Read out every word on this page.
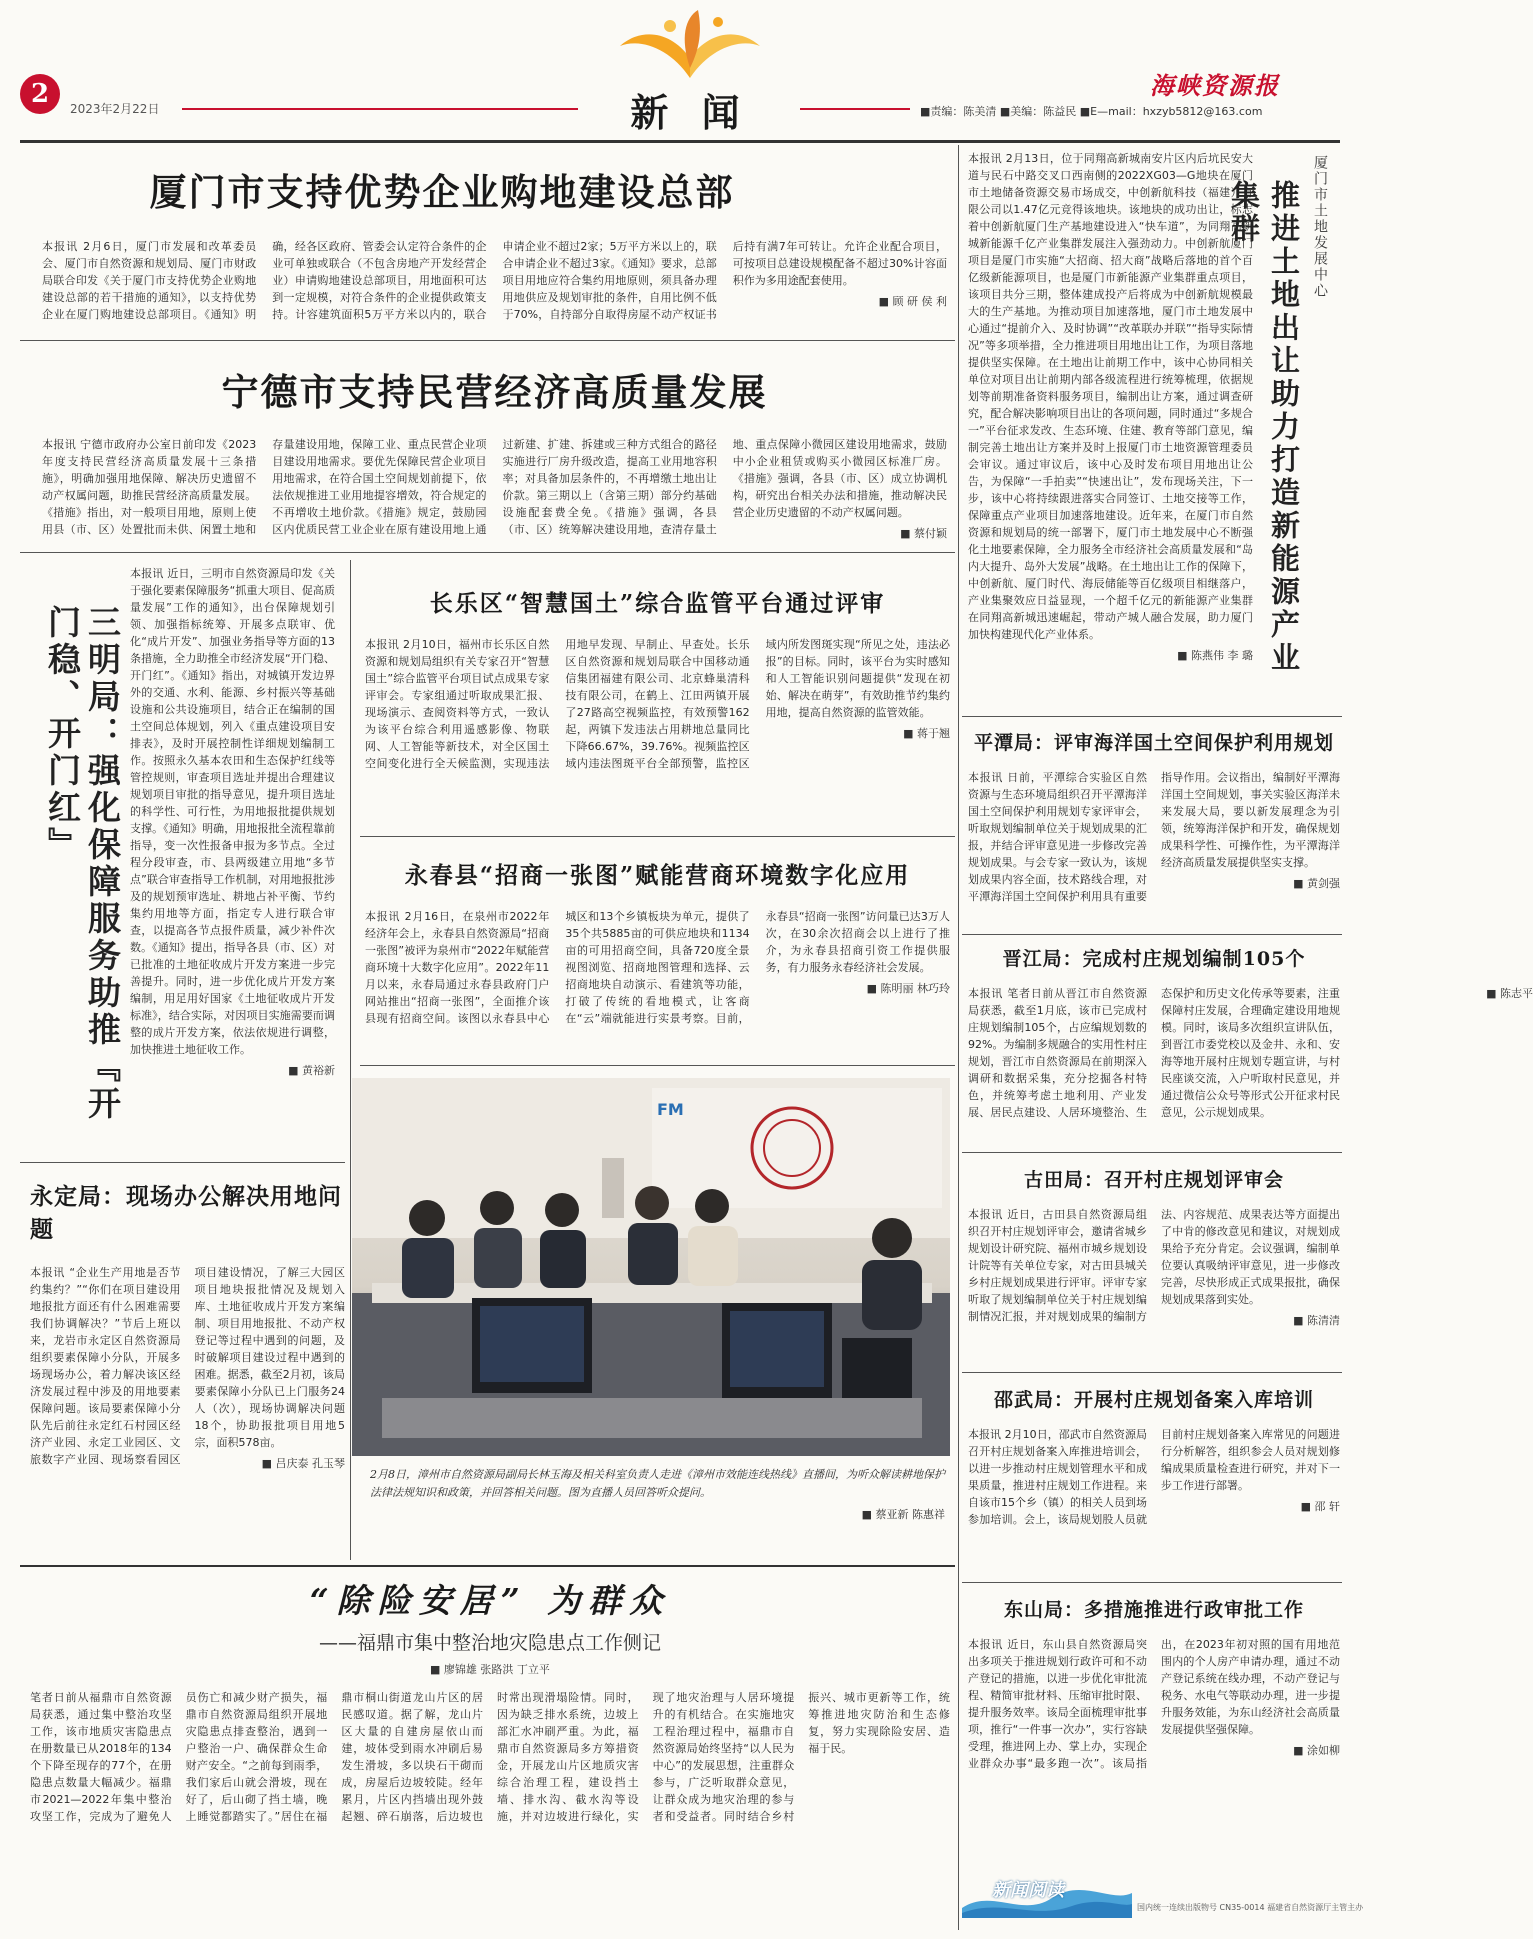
2	2023年2月22日	新 闻
海峡资源报
■责编：陈美清 ■美编：陈益民 ■E—mail：hxzyb5812@163.com
厦门市支持优势企业购地建设总部
本报讯 2月6日，厦门市发展和改革委员会、厦门市自然资源和规划局、厦门市财政局联合印发《关于厦门市支持优势企业购地建设总部的若干措施的通知》，以支持优势企业在厦门购地建设总部项目。《通知》明确，经各区政府、管委会认定符合条件的企业可单独或联合（不包含房地产开发经营企业）申请购地建设总部项目，用地面积可达到一定规模，对符合条件的企业提供政策支持。计容建筑面积5万平方米以内的，联合申请企业不超过2家；5万平方米以上的，联合申请企业不超过3家。《通知》要求，总部项目用地应符合集约用地原则，须具备办理用地供应及规划审批的条件，自用比例不低于70%，自持部分自取得房屋不动产权证书后持有满7年可转让。允许企业配合项目，可按项目总建设规模配备不超过30%计容面积作为多用途配套使用。
■ 顾 研 侯 利
宁德市支持民营经济高质量发展
本报讯 宁德市政府办公室日前印发《2023年度支持民营经济高质量发展十三条措施》，明确加强用地保障、解决历史遗留不动产权属问题，助推民营经济高质量发展。《措施》指出，对一般项目用地，原则上使用县（市、区）处置批而未供、闲置土地和存量建设用地，保障工业、重点民营企业项目建设用地需求。要优先保障民营企业项目用地需求，在符合国土空间规划前提下，依法依规推进工业用地提容增效，符合规定的不再增收土地价款。《措施》规定，鼓励园区内优质民营工业企业在原有建设用地上通过新建、扩建、拆建或三种方式组合的路径实施进行厂房升级改造，提高工业用地容积率；对具备加层条件的，不再增缴土地出让价款。第三期以上（含第三期）部分约基础设施配套费全免。《措施》强调，各县（市、区）统筹解决建设用地，查清存量土地、重点保障小微园区建设用地需求，鼓励中小企业租赁或购买小微园区标准厂房。《措施》强调，各县（市、区）成立协调机构，研究出台相关办法和措施，推动解决民营企业历史遗留的不动产权属问题。
■ 蔡付颖
三明局：强化保障服务助推『开门稳、开门红』
本报讯 近日，三明市自然资源局印发《关于强化要素保障服务“抓重大项目、促高质量发展”工作的通知》，出台保障规划引领、加强指标统筹、开展多点联审、优化“成片开发”、加强业务指导等方面的13条措施，全力助推全市经济发展“开门稳、开门红”。《通知》指出，对城镇开发边界外的交通、水利、能源、乡村振兴等基础设施和公共设施项目，结合正在编制的国土空间总体规划，列入《重点建设项目安排表》，及时开展控制性详细规划编制工作。按照永久基本农田和生态保护红线等管控规则，审查项目选址并提出合理建议规划项目审批的指导意见，提升项目选址的科学性、可行性，为用地报批提供规划支撑。《通知》明确，用地报批全流程靠前指导，变一次性报备申报为多节点。全过程分段审查，市、县两级建立用地“多节点”联合审查指导工作机制，对用地报批涉及的规划预审选址、耕地占补平衡、节约集约用地等方面，指定专人进行联合审查，以提高各节点报件质量，减少补件次数。《通知》提出，指导各县（市、区）对已批准的土地征收成片开发方案进一步完善提升。同时，进一步优化成片开发方案编制，用足用好国家《土地征收成片开发标准》，结合实际，对因项目实施需要而调整的成片开发方案，依法依规进行调整，加快推进土地征收工作。
■ 黄裕新
长乐区“智慧国土”综合监管平台通过评审
本报讯 2月10日，福州市长乐区自然资源和规划局组织有关专家召开“智慧国土”综合监管平台项目试点成果专家评审会。专家组通过听取成果汇报、现场演示、查阅资料等方式，一致认为该平台综合利用遥感影像、物联网、人工智能等新技术，对全区国土空间变化进行全天候监测，实现违法用地早发现、早制止、早查处。长乐区自然资源和规划局联合中国移动通信集团福建有限公司、北京蜂巢清科技有限公司，在鹤上、江田两镇开展了27路高空视频监控，有效预警162起，两镇下发违法占用耕地总量同比下降66.67%，39.76%。视频监控区域内违法图斑平台全部预警，监控区域内所发图斑实现“所见之处，违法必报”的目标。同时，该平台为实时感知和人工智能识别问题提供“发现在初始、解决在萌芽”，有效助推节约集约用地，提高自然资源的监管效能。
■ 蒋于翘
永春县“招商一张图”赋能营商环境数字化应用
本报讯 2月16日，在泉州市2022年经济年会上，永春县自然资源局“招商一张图”被评为泉州市“2022年赋能营商环境十大数字化应用”。2022年11月以来，永春局通过永春县政府门户网站推出“招商一张图”，全面推介该县现有招商空间。该图以永春县中心城区和13个乡镇板块为单元，提供了35个共5885亩的可供应地块和1134亩的可用招商空间，具备720度全景视图浏览、招商地图管理和选择、云招商地块自动演示、看建筑等功能，打破了传统的看地模式，让客商在“云”端就能进行实景考察。目前，永春县“招商一张图”访问量已达3万人次，在30余次招商会以上进行了推介，为永春县招商引资工作提供服务，有力服务永春经济社会发展。
■ 陈明丽 林巧玲
FM

2月8日，漳州市自然资源局副局长林玉海及相关科室负责人走进《漳州市效能连线热线》直播间，为听众解读耕地保护法律法规知识和政策，并回答相关问题。图为直播人员回答听众提问。

■ 蔡亚新 陈惠祥
永定局：现场办公解决用地问题
本报讯 “企业生产用地是否节约集约？”“你们在项目建设用地报批方面还有什么困难需要我们协调解决？”节后上班以来，龙岩市永定区自然资源局组织要素保障小分队，开展多场现场办公，着力解决该区经济发展过程中涉及的用地要素保障问题。该局要素保障小分队先后前往永定红石村园区经济产业园、永定工业园区、文旅数字产业园、现场察看园区项目建设情况，了解三大园区项目地块报批情况及规划入库、土地征收成片开发方案编制、项目用地报批、不动产权登记等过程中遇到的问题，及时破解项目建设过程中遇到的困难。据悉，截至2月初，该局要素保障小分队已上门服务24人（次），现场协调解决问题18个，协助报批项目用地5宗，面积578亩。
■ 吕庆泰 孔玉琴
“除险安居” 为群众
——福鼎市集中整治地灾隐患点工作侧记
■ 廖锦雄 张路洪 丁立平
笔者日前从福鼎市自然资源局获悉，通过集中整治攻坚工作，该市地质灾害隐患点在册数量已从2018年的134个下降至现存的77个，在册隐患点数量大幅减少。福鼎市2021—2022年集中整治攻坚工作，完成为了避免人员伤亡和减少财产损失，福鼎市自然资源局组织开展地灾隐患点排查整治，遇到一户整治一户、确保群众生命财产安全。“之前每到雨季，我们家后山就会滑坡，现在好了，后山砌了挡土墙，晚上睡觉都踏实了。”居住在福鼎市桐山街道龙山片区的居民感叹道。据了解，龙山片区大量的自建房屋依山而建，坡体受到雨水冲刷后易发生滑坡，多以块石干砌而成，房屋后边坡较陡。经年累月，片区内挡墙出现外鼓起翘、碎石崩落，后边坡也时常出现滑塌险情。同时，因为缺乏排水系统，边坡上部汇水冲刷严重。为此，福鼎市自然资源局多方筹措资金，开展龙山片区地质灾害综合治理工程，建设挡土墙、排水沟、截水沟等设施，并对边坡进行绿化，实现了地灾治理与人居环境提升的有机结合。在实施地灾工程治理过程中，福鼎市自然资源局始终坚持“以人民为中心”的发展思想，注重群众参与，广泛听取群众意见，让群众成为地灾治理的参与者和受益者。同时结合乡村振兴、城市更新等工作，统筹推进地灾防治和生态修复，努力实现除险安居、造福于民。
本报讯 2月13日，位于同翔高新城南安片区内后坑民安大道与民石中路交叉口西南侧的2022XG03—G地块在厦门市土地储备资源交易市场成交，中创新航科技（福建）有限公司以1.47亿元竞得该地块。该地块的成功出让，标志着中创新航厦门生产基地建设进入“快车道”，为同翔高新城新能源千亿产业集群发展注入强劲动力。中创新航厦门项目是厦门市实施“大招商、招大商”战略后落地的首个百亿级新能源项目，也是厦门市新能源产业集群重点项目，该项目共分三期，整体建成投产后将成为中创新航规模最大的生产基地。为推动项目加速落地，厦门市土地发展中心通过“提前介入、及时协调”“改革联办并联”“指导实际情况”等多项举措，全力推进项目用地出让工作，为项目落地提供坚实保障。在土地出让前期工作中，该中心协同相关单位对项目出让前期内部各级流程进行统筹梳理，依据规划等前期准备资料服务项目，编制出让方案，通过调查研究，配合解决影响项目出让的各项问题，同时通过“多规合一”平台征求发改、生态环境、住建、教育等部门意见，编制完善土地出让方案并及时上报厦门市土地资源管理委员会审议。通过审议后，该中心及时发布项目用地出让公告，为保障“一手拍卖”“快速出让”，发布现场关注，下一步，该中心将持续跟进落实合同签订、土地交接等工作，保障重点产业项目加速落地建设。近年来，在厦门市自然资源和规划局的统一部署下，厦门市土地发展中心不断强化土地要素保障，全力服务全市经济社会高质量发展和“岛内大提升、岛外大发展”战略。在土地出让工作的保障下，中创新航、厦门时代、海辰储能等百亿级项目相继落户，产业集聚效应日益显现，一个超千亿元的新能源产业集群在同翔高新城迅速崛起，带动产城人融合发展，助力厦门加快构建现代化产业体系。
■ 陈燕伟 李 璐
厦门市土地发展中心
推进土地出让助力打造新能源产业集群
平潭局：评审海洋国土空间保护利用规划
本报讯 日前，平潭综合实验区自然资源与生态环境局组织召开平潭海洋国土空间保护利用规划专家评审会，听取规划编制单位关于规划成果的汇报，并结合评审意见进一步修改完善规划成果。与会专家一致认为，该规划成果内容全面，技术路线合理，对平潭海洋国土空间保护利用具有重要指导作用。会议指出，编制好平潭海洋国土空间规划，事关实验区海洋未来发展大局，要以新发展理念为引领，统筹海洋保护和开发，确保规划成果科学性、可操作性，为平潭海洋经济高质量发展提供坚实支撑。
■ 黄剑强
晋江局：完成村庄规划编制105个
本报讯 笔者日前从晋江市自然资源局获悉，截至1月底，该市已完成村庄规划编制105个，占应编规划数的92%。为编制多规融合的实用性村庄规划，晋江市自然资源局在前期深入调研和数据采集，充分挖掘各村特色，并统筹考虑土地利用、产业发展、居民点建设、人居环境整治、生态保护和历史文化传承等要素，注重保障村庄发展，合理确定建设用地规模。同时，该局多次组织宣讲队伍，到晋江市委党校以及金井、永和、安海等地开展村庄规划专题宣讲，与村民座谈交流，入户听取村民意见，并通过微信公众号等形式公开征求村民意见，公示规划成果。
■ 陈志平
古田局：召开村庄规划评审会
本报讯 近日，古田县自然资源局组织召开村庄规划评审会，邀请省城乡规划设计研究院、福州市城乡规划设计院等有关单位专家，对古田县城关乡村庄规划成果进行评审。评审专家听取了规划编制单位关于村庄规划编制情况汇报，并对规划成果的编制方法、内容规范、成果表达等方面提出了中肯的修改意见和建议，对规划成果给予充分肯定。会议强调，编制单位要认真吸纳评审意见，进一步修改完善，尽快形成正式成果报批，确保规划成果落到实处。
■ 陈清清
邵武局：开展村庄规划备案入库培训
本报讯 2月10日，邵武市自然资源局召开村庄规划备案入库推进培训会，以进一步推动村庄规划管理水平和成果质量，推进村庄规划工作进程。来自该市15个乡（镇）的相关人员到场参加培训。会上，该局规划股人员就目前村庄规划备案入库常见的问题进行分析解答，组织参会人员对规划修编成果质量检查进行研究，并对下一步工作进行部署。
■ 邵 轩
东山局：多措施推进行政审批工作
本报讯 近日，东山县自然资源局突出多项关于推进规划行政许可和不动产登记的措施，以进一步优化审批流程、精简审批材料、压缩审批时限、提升服务效率。该局全面梳理审批事项，推行“一件事一次办”，实行容缺受理，推进网上办、掌上办，实现企业群众办事“最多跑一次”。该局指出，在2023年初对照的国有用地范围内的个人房产申请办理，通过不动产登记系统在线办理，不动产登记与税务、水电气等联动办理，进一步提升服务效能，为东山经济社会高质量发展提供坚强保障。
■ 涂如柳
新闻阅读
国内统一连续出版物号 CN35-0014 福建省自然资源厅主管主办
